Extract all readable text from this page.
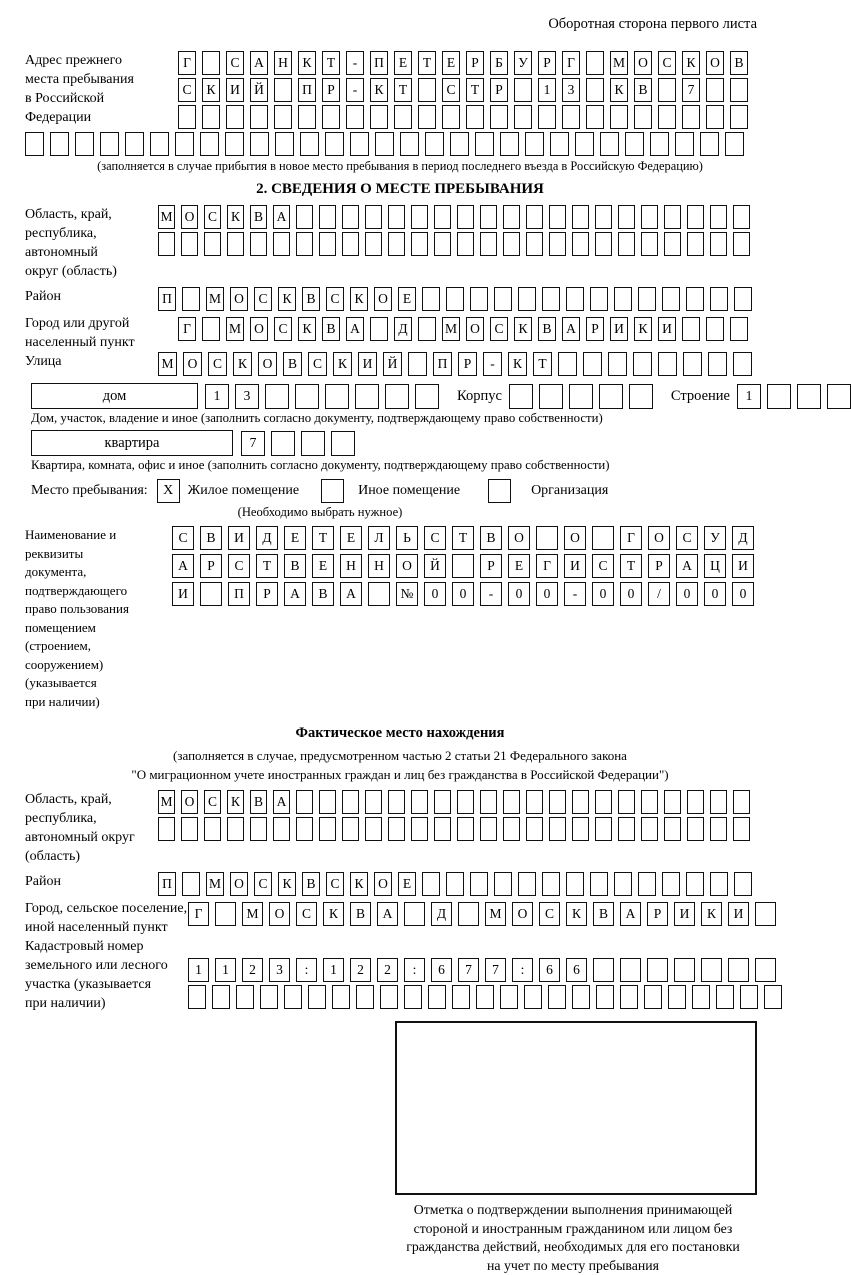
Оборотная сторона первого листа
Адрес прежнего
места пребывания
в Российской
Федерации
Г	С	А	Н	К	Т	-	П	Е	Т	Е	Р	Б	У	Р	Г	М О	С	К	О	В
С	К	И	Й	П	Р	-	К	Т	С	Т	Р	1	3	К	В	7
(заполняется в случае прибытия в новое место пребывания в период последнего въезда в Российскую Федерацию)
2. СВЕДЕНИЯ О МЕСТЕ ПРЕБЫВАНИЯ
Область, край,
республика,
автономный
округ (область)
М О С К В А
Район	П	М О	С	К	В	С	К	О	Е
Город или другой
населенный пункт
Г	М О	С	К	В	А	Д	М О	С	К	В	А	Р	И	К	И
Улица	М	О	С	К	О	В	С	К	И	Й	П	Р	-	К	Т
дом	1	3	Корпус	Строение	1
Дом, участок, владение и иное (заполнить согласно документу, подтверждающему право собственности)
квартира	7
Квартира, комната, офис и иное (заполнить согласно документу, подтверждающему право собственности)
Место пребывания:	X	Жилое помещение	Иное помещение	Организация
(Необходимо выбрать нужное)
Наименование и реквизиты
документа, подтверждающего
право пользования
помещением (строением,
сооружением) (указывается
при наличии)
С	В	И	Д	Е	Т	Е	Л	Ь	С	Т	В	О	О	Г	О	С	У	Д
А	Р	С	Т	В	Е	Н	Н	О	Й	Р	Е	Г	И	С	Т	Р	А	Ц	И
И	П	Р	А	В	А	№	0	0	-	0	0	-	0	0	/	0	0	0
Фактическое место нахождения
(заполняется в случае, предусмотренном частью 2 статьи 21 Федерального закона
"О миграционном учете иностранных граждан и лиц без гражданства в Российской Федерации")
Область, край,
республика,
автономный округ
(область)
М О С К В А
Район	П	М О	С	К	В	С	К	О	Е
Город, сельское поселение,
иной населенный пункт
Г	М	О	С	К	В	А	Д	М	О	С	К	В	А	Р	И	К	И
Кадастровый номер
земельного или лесного
участка (указывается
при наличии)
1	1	2	3	:	1	2	2	:	6	7	7	:	6	6
Отметка о подтверждении выполнения принимающей
стороной и иностранным гражданином или лицом без
гражданства действий, необходимых для его постановки
на учет по месту пребывания
